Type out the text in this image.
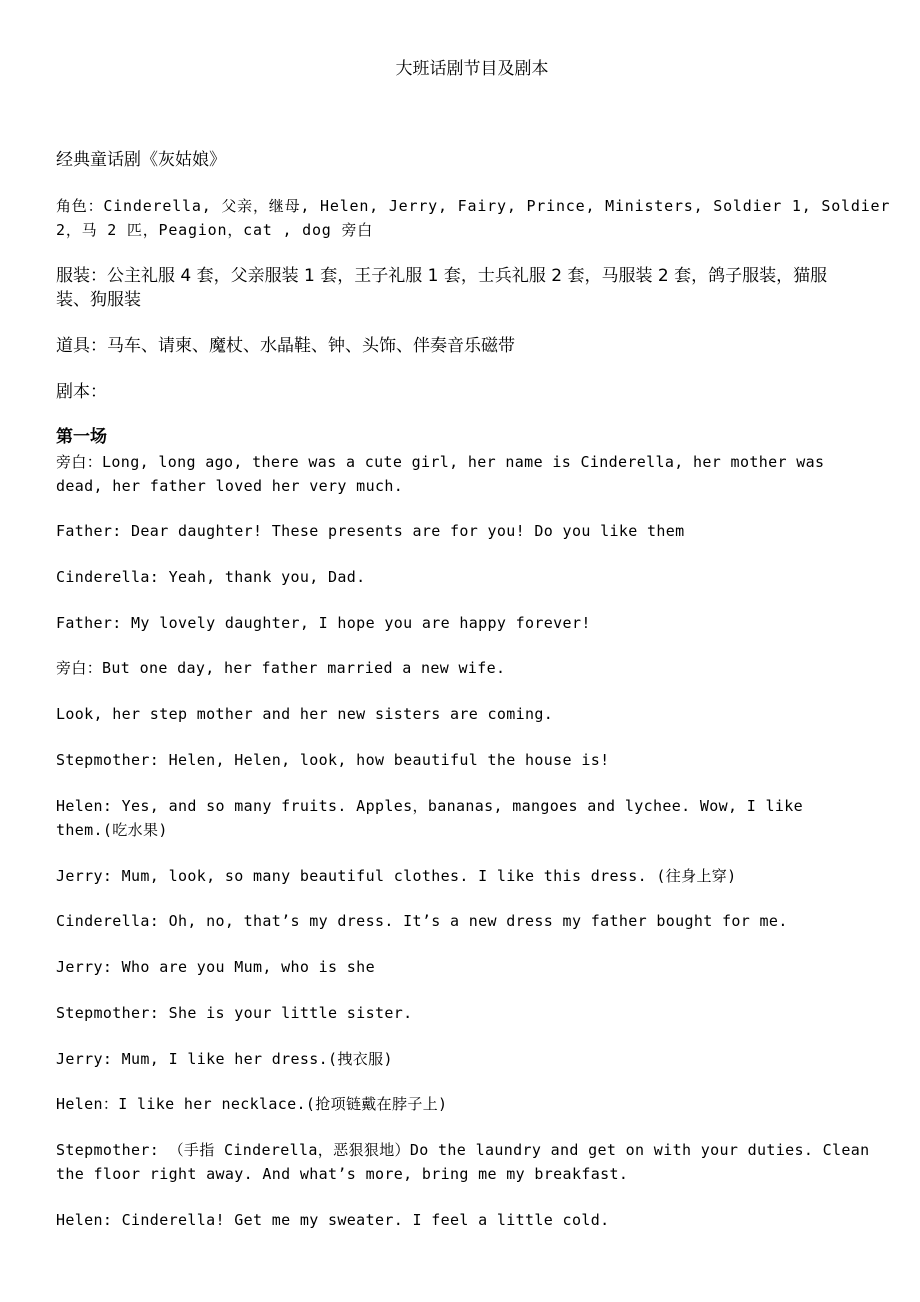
大班话剧节目及剧本
经典童话剧《灰姑娘》
角色：Cinderella, 父亲，继母, Helen, Jerry, Fairy, Prince, Ministers, Soldier 1, Soldier
2，马 2 匹，Peagion，cat , dog 旁白
服装：公主礼服 4 套，父亲服装 1 套，王子礼服 1 套，士兵礼服 2 套，马服装 2 套，鸽子服装，猫服
装、狗服装
道具：马车、请柬、魔杖、水晶鞋、钟、头饰、伴奏音乐磁带
剧本：
第一场
旁白：Long, long ago, there was a cute girl, her name is Cinderella, her mother was
dead, her father loved her very much.
Father: Dear daughter! These presents are for you! Do you like them
Cinderella: Yeah, thank you, Dad.
Father: My lovely daughter, I hope you are happy forever!
旁白：But one day, her father married a new wife.
Look, her step mother and her new sisters are coming.
Stepmother: Helen, Helen, look, how beautiful the house is!
Helen: Yes, and so many fruits. Apples，bananas, mangoes and lychee. Wow, I like
them.(吃水果)
Jerry: Mum, look, so many beautiful clothes. I like this dress. (往身上穿)
Cinderella: Oh, no, that’s my dress. It’s a new dress my father bought for me.
Jerry: Who are you Mum, who is she
Stepmother: She is your little sister.
Jerry: Mum, I like her dress.(拽衣服)
Helen：I like her necklace.(抢项链戴在脖子上)
Stepmother: （手指 Cinderella，恶狠狠地）Do the laundry and get on with your duties. Clean
the floor right away. And what’s more, bring me my breakfast.
Helen: Cinderella! Get me my sweater. I feel a little cold.
